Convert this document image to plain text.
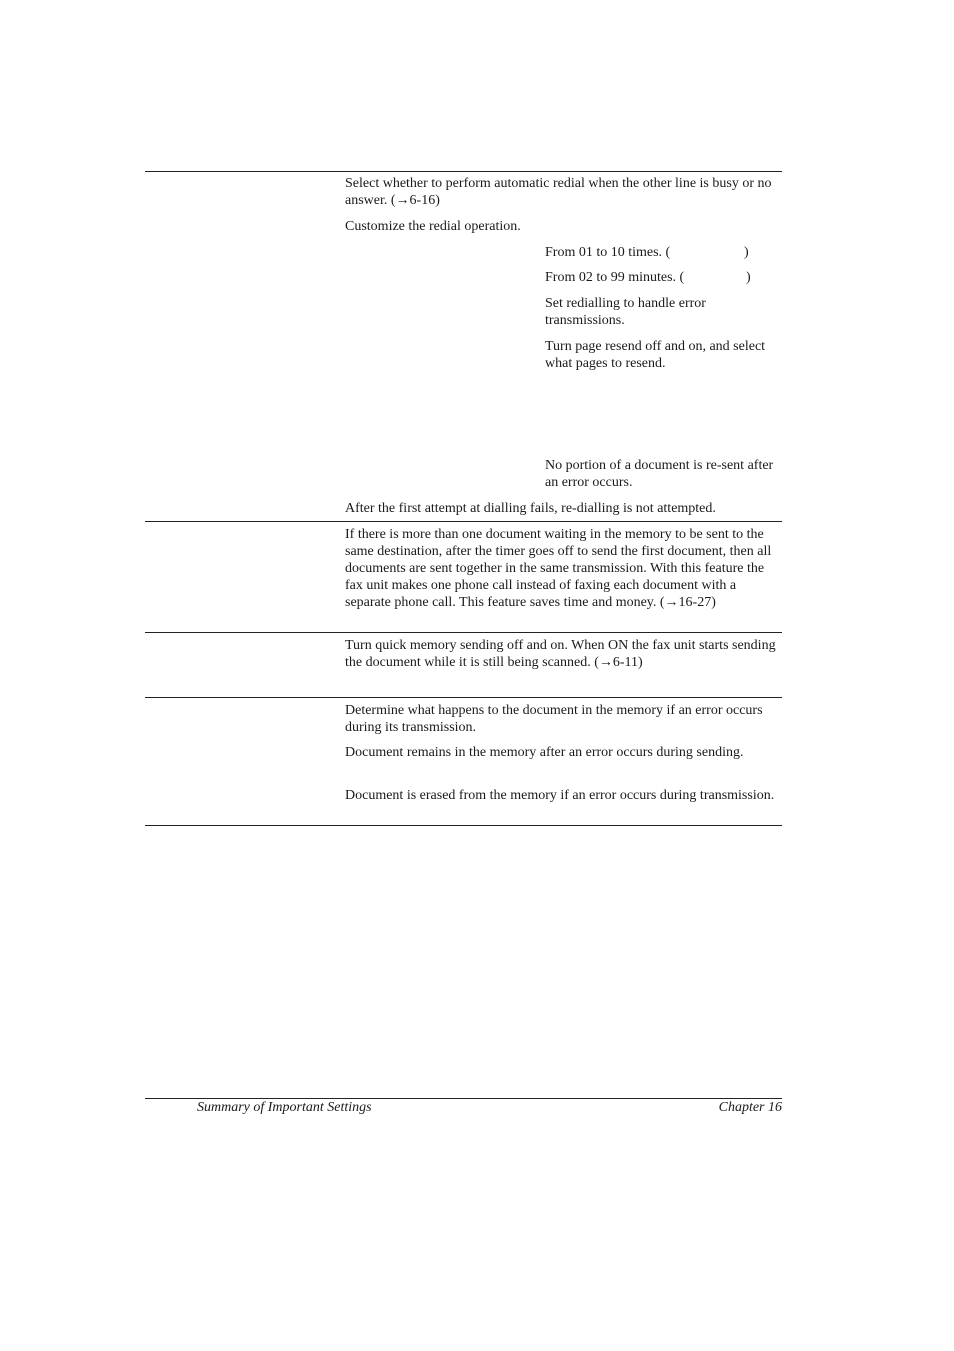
Select whether to perform automatic redial when the other line is busy or no answer. (→6-16)

Customize the redial operation.

From 01 to 10 times. (	)

From 02 to 99 minutes. (	)

Set redialling to handle error transmissions.

Turn page resend off and on, and select what pages to resend.

No portion of a document is re-sent after an error occurs.

After the first attempt at dialling fails, re-dialling is not attempted.

If there is more than one document waiting in the memory to be sent to the same destination, after the timer goes off to send the first document, then all documents are sent together in the same transmission. With this feature the fax unit makes one phone call instead of faxing each document with a separate phone call. This feature saves time and money. (→16-27)

Turn quick memory sending off and on. When ON the fax unit starts sending the document while it is still being scanned. (→6-11)

Determine what happens to the document in the memory if an error occurs during its transmission.

Document remains in the memory after an error occurs during sending.

Document is erased from the memory if an error occurs during transmission.

Summary of Important Settings	Chapter 16
